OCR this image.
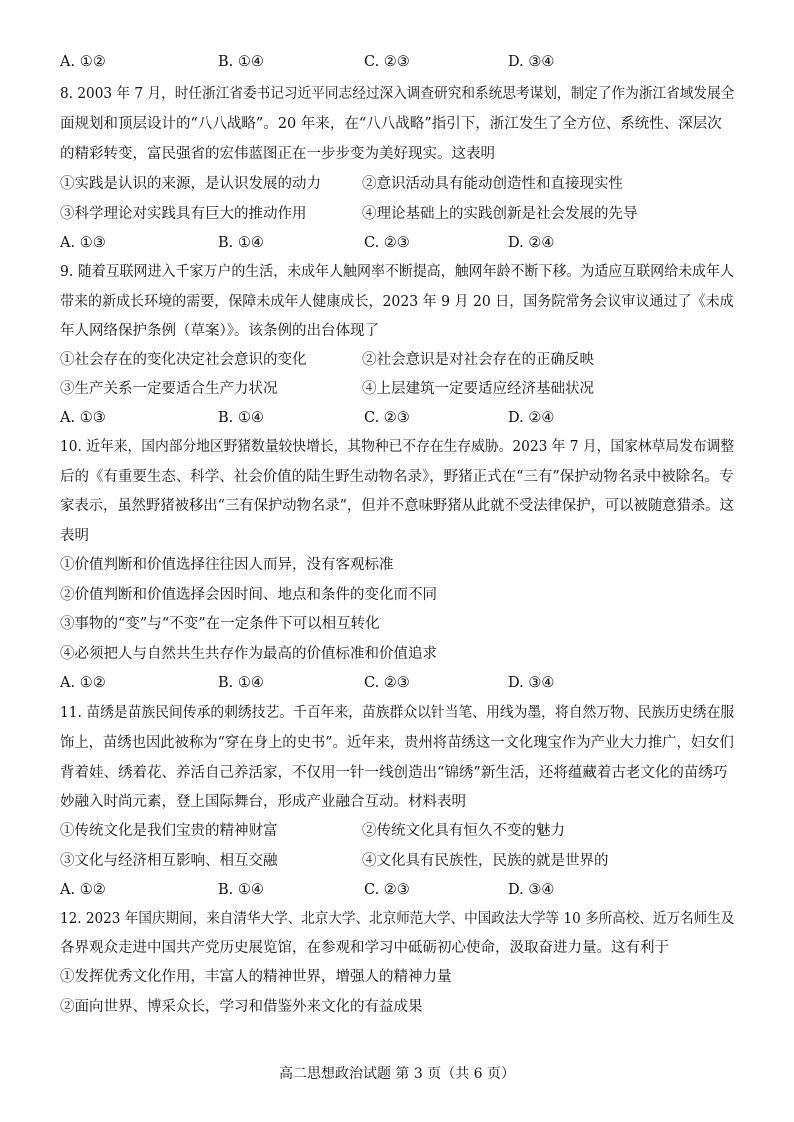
A. ①②	B. ①④	C. ②③	D. ③④
8. 2003 年 7 月，时任浙江省委书记习近平同志经过深入调查研究和系统思考谋划，制定了作为浙江省域发展全
面规划和顶层设计的“八八战略”。20 年来，在“八八战略”指引下，浙江发生了全方位、系统性、深层次
的精彩转变，富民强省的宏伟蓝图正在一步步变为美好现实。这表明
①实践是认识的来源，是认识发展的动力	②意识活动具有能动创造性和直接现实性
③科学理论对实践具有巨大的推动作用	④理论基础上的实践创新是社会发展的先导
A. ①③	B. ①④	C. ②③	D. ②④
9. 随着互联网进入千家万户的生活，未成年人触网率不断提高，触网年龄不断下移。为适应互联网给未成年人
带来的新成长环境的需要，保障未成年人健康成长，2023 年 9 月 20 日，国务院常务会议审议通过了《未成
年人网络保护条例（草案）》。该条例的出台体现了
①社会存在的变化决定社会意识的变化	②社会意识是对社会存在的正确反映
③生产关系一定要适合生产力状况	④上层建筑一定要适应经济基础状况
A. ①③	B. ①④	C. ②③	D. ②④
10. 近年来，国内部分地区野猪数量较快增长，其物种已不存在生存威胁。2023 年 7 月，国家林草局发布调整
后的《有重要生态、科学、社会价值的陆生野生动物名录》，野猪正式在“三有”保护动物名录中被除名。专
家表示，虽然野猪被移出“三有保护动物名录”，但并不意味野猪从此就不受法律保护，可以被随意猎杀。这
表明
①价值判断和价值选择往往因人而异，没有客观标准
②价值判断和价值选择会因时间、地点和条件的变化而不同
③事物的“变”与“不变”在一定条件下可以相互转化
④必须把人与自然共生共存作为最高的价值标准和价值追求
A. ①②	B. ①④	C. ②③	D. ③④
11. 苗绣是苗族民间传承的刺绣技艺。千百年来，苗族群众以针当笔、用线为墨，将自然万物、民族历史绣在服
饰上，苗绣也因此被称为“穿在身上的史书”。近年来，贵州将苗绣这一文化瑰宝作为产业大力推广，妇女们
背着娃、绣着花、养活自己养活家，不仅用一针一线创造出“锦绣”新生活，还将蕴藏着古老文化的苗绣巧
妙融入时尚元素，登上国际舞台，形成产业融合互动。材料表明
①传统文化是我们宝贵的精神财富	②传统文化具有恒久不变的魅力
③文化与经济相互影响、相互交融	④文化具有民族性，民族的就是世界的
A. ①②	B. ①④	C. ②③	D. ③④
12. 2023 年国庆期间，来自清华大学、北京大学、北京师范大学、中国政法大学等 10 多所高校、近万名师生及
各界观众走进中国共产党历史展览馆，在参观和学习中砥砺初心使命，汲取奋进力量。这有利于
①发挥优秀文化作用，丰富人的精神世界，增强人的精神力量
②面向世界、博采众长，学习和借鉴外来文化的有益成果
高二思想政治试题 第 3 页（共 6 页）
